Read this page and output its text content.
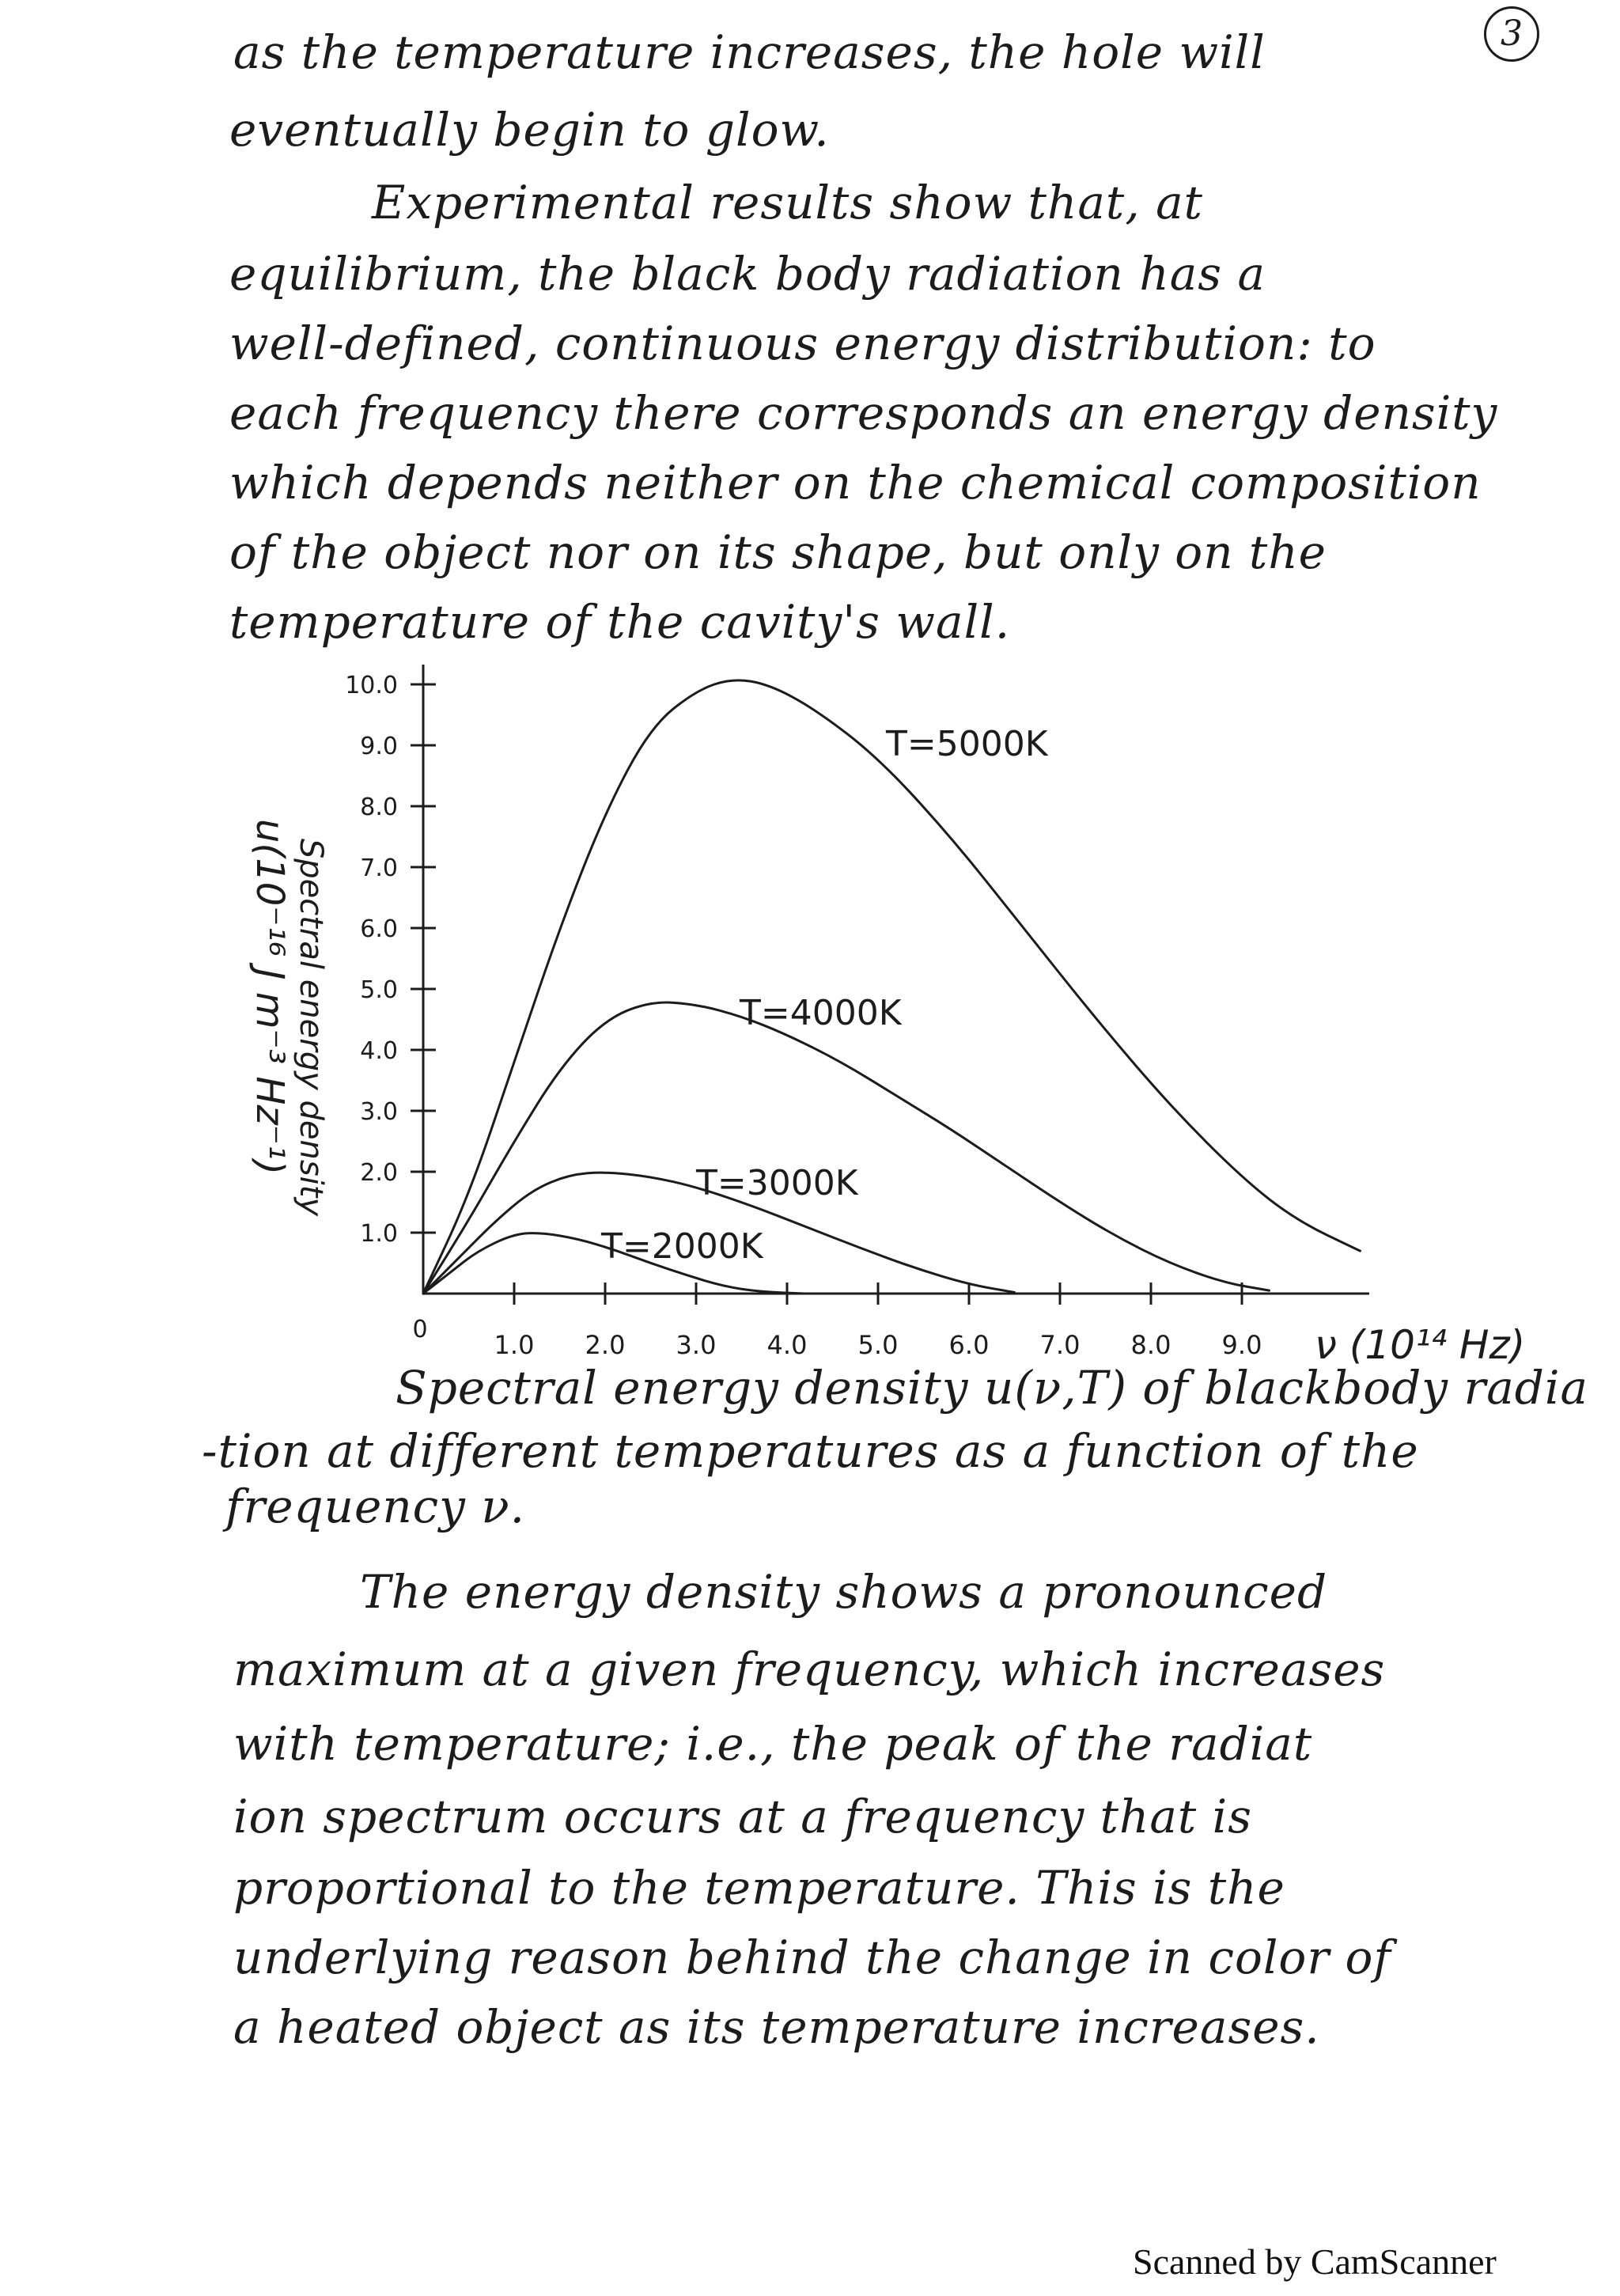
3
as the temperature increases, the hole will
eventually begin to glow.
Experimental results show that, at
equilibrium, the black body radiation has a
well-defined, continuous energy distribution: to
each frequency there corresponds an energy density
which depends neither on the chemical composition
of the object nor on its shape, but only on the
temperature of the cavity's wall.
0
1.0 2.0 3.0 4.0 5.0 6.0 7.0 8.0 9.0
1.0
2.0
3.0
4.0
5.0
6.0
7.0
8.0
9.0
10.0
ν (10¹⁴ Hz)
u(10⁻¹⁶ J m⁻³ Hz⁻¹) Spectral energy density
T=2000K
T=3000K
T=4000K
T=5000K
Spectral energy density u(ν,T) of blackbody radia
-tion at different temperatures as a function of the
frequency ν.
The energy density shows a pronounced
maximum at a given frequency, which increases
with temperature; i.e., the peak of the radiat
ion spectrum occurs at a frequency that is
proportional to the temperature. This is the
underlying reason behind the change in color of
a heated object as its temperature increases.
Scanned by CamScanner
